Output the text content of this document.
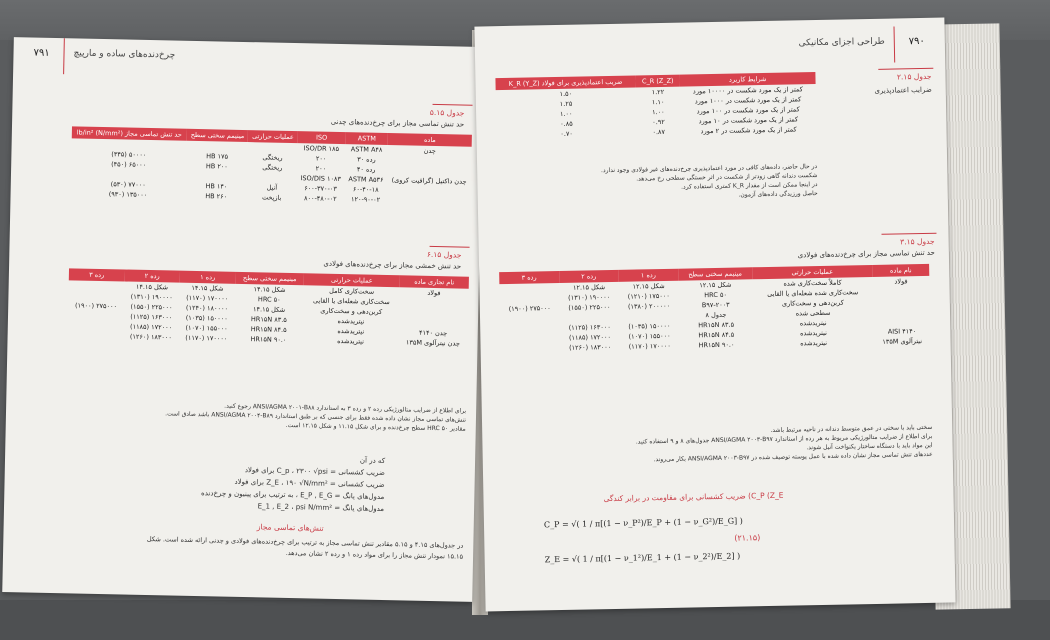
۷۹۱	چرخ‌دنده‌های ساده و مارپیچ
جدول ۵.۱۵
حد تنش تماسی مجاز برای چرخ‌دنده‌های چدنی
ماده	ASTM	ISO	عملیات حرارتی	مینیمم سختی سطح	حد تنش تماسی مجاز (N/mm²) lb/in²
چدن	ASTM A۴۸	ISO/DR ۱۸۵			
	رده ۳۰	۲۰۰	ریختگی	۱۷۵ HB	۵۰۰۰۰ (۳۴۵)
	رده ۴۰	۲۰۰	ریختگی	۲۰۰ HB	۶۵۰۰۰ (۴۵۰)
چدن داکتیل (گرافیت کروی)	ASTM A۵۳۶	ISO/DIS ۱۰۸۳			
	۶۰-۴۰-۱۸	۶۰۰-۳۷۰-۰۳	آنیل	۱۴۰ HB	۷۷۰۰۰ (۵۳۰)
	۱۲۰-۹۰-۰۲	۸۰۰-۴۸۰-۰۲	بازپخت	۲۶۰ HB	۱۳۵۰۰۰ (۹۳۰)
جدول ۶.۱۵
حد تنش خمشی مجاز برای چرخ‌دنده‌های فولادی
نام تجاری ماده	عملیات حرارتی	مینیمم سختی سطح	رده ۱	رده ۲	رده ۳
فولاد	سخت‌کاری کامل	شکل ۱۴.۱۵	شکل ۱۴.۱۵	شکل ۱۴.۱۵	
	سخت‌کاری شعله‌ای یا القایی	۵۰ HRC	۱۷۰۰۰۰ (۱۱۷۰)	۱۹۰۰۰۰ (۱۳۱۰)	
	کربن‌دهی و سخت‌کاری	شکل ۱۴.۱۵	۱۸۰۰۰۰ (۱۲۴۰)	۲۲۵۰۰۰ (۱۵۵۰)	۲۷۵۰۰۰ (۱۹۰۰)
	نیتریدشده	۸۳.۵ HR۱۵N	۱۵۰۰۰۰ (۱۰۳۵)	۱۶۳۰۰۰ (۱۱۲۵)	
چدن ۴۱۴۰	نیتریدشده	۸۴.۵ HR۱۵N	۱۵۵۰۰۰ (۱۰۷۰)	۱۷۲۰۰۰ (۱۱۸۵)	
چدن نیترآلوی ۱۳۵M	نیتریدشده	۹۰.۰ HR۱۵N	۱۷۰۰۰۰ (۱۱۷۰)	۱۸۳۰۰۰ (۱۲۶۰)	
برای اطلاع از ضرایب متالورژیکی رده ۲ و رده ۳ به استاندارد ANSI/AGMA ۲۰۰۱-B۸۸ رجوع کنید.
تنش‌های تماسی مجاز نشان داده شده فقط برای جنسی که بر طبق استاندارد ANSI/AGMA ۲۰۰۴-B۸۹ باشد صادق است.
مقادیر ۵۰ HRC سطح چرخ‌دنده و برای شکل ۱۱.۱۵ و شکل ۱۲.۱۵ است.
که در آن
ضریب کشسانی = C_p ، ۲۳۰۰ √psi برای فولاد
ضریب کشسانی = Z_E ، ۱۹۰ √N/mm² برای فولاد
مدول‌های یانگ = E_P , E_G ، به ترتیب برای پینیون و چرخ‌دنده
مدول‌های یانگ = E_1 , E_2 ، psi N/mm²
تنش‌های تماسی مجاز
در جدول‌های ۴.۱۵ و ۵.۱۵ مقادیر تنش تماسی مجاز به ترتیب برای چرخ‌دنده‌های فولادی و چدنی ارائه شده است. شکل
۱۵.۱۵ نمودار تنش مجاز را برای مواد رده ۱ و رده ۲ نشان می‌دهد.
۷۹۰
طراحی اجزای مکانیکی
جدول ۲.۱۵
ضرایب اعتمادپذیری
شرایط کاربرد	C_R (Z_Z)	ضریب اعتمادپذیری برای فولاد K_R (Y_Z)
کمتر از یک مورد شکست در ۱۰۰۰۰ مورد	۱.۲۲	۱.۵۰
کمتر از یک مورد شکست در ۱۰۰۰ مورد	۱.۱۰	۱.۲۵
کمتر از یک مورد شکست در ۱۰۰ مورد	۱.۰۰	۱.۰۰
کمتر از یک مورد شکست در ۱۰ مورد	۰.۹۲	۰.۸۵
کمتر از یک مورد شکست در ۲ مورد	۰.۸۷	۰.۷۰
در حال حاضر، داده‌های کافی در مورد اعتمادپذیری چرخ‌دنده‌های غیر فولادی وجود ندارد.
شکست دندانه گاهی زودتر از شکست در اثر خستگی سطحی رخ می‌دهد.
در اینجا ممکن است از مقدار K_R کمتری استفاده کرد.
حاصل ورزیدگی داده‌های آزمون.
جدول ۳.۱۵
حد تنش تماسی مجاز برای چرخ‌دنده‌های فولادی
نام ماده	عملیات حرارتی	مینیمم سختی سطح	رده ۱	رده ۲	رده ۳
فولاد	کاملاً سخت‌کاری شده	شکل ۱۲.۱۵	شکل ۱۲.۱۵	شکل ۱۲.۱۵	
	سخت‌کاری شده شعله‌ای یا القایی	۵۰ HRC	۱۷۵۰۰۰ (۱۲۱۰)	۱۹۰۰۰۰ (۱۳۱۰)	
	کربن‌دهی و سخت‌کاری	۲۰۰۳-B۹۷	۲۰۰۰۰۰ (۱۳۸۰)	۲۲۵۰۰۰ (۱۵۵۰)	۲۷۵۰۰۰ (۱۹۰۰)
	سطحی شده	جدول ۸			
	نیتریدشده	۸۳.۵ HR۱۵N	۱۵۰۰۰۰ (۱۰۳۵)	۱۶۳۰۰۰ (۱۱۲۵)	
AISI ۴۱۴۰	نیتریدشده	۸۴.۵ HR۱۵N	۱۵۵۰۰۰ (۱۰۷۰)	۱۷۲۰۰۰ (۱۱۸۵)	
نیترآلوی ۱۳۵M	نیتریدشده	۹۰.۰ HR۱۵N	۱۷۰۰۰۰ (۱۱۷۰)	۱۸۳۰۰۰ (۱۲۶۰)	
سختی باید با سختی در عمق متوسط دندانه در ناحیه مرتبط باشد.
برای اطلاع از ضرایب متالورژیکی مربوط به هر رده از استاندارد ANSI/AGMA ۲۰۰۳-B۹۷ جدول‌های ۸ و ۹ استفاده کنید.
این مواد باید با دستگاه ساختار یکنواخت آنیل شوند.
عددهای تنش تماسی مجاز نشان داده شده با عمل پوسته توصیف شده در ANSI/AGMA ۲۰۰۳-B۹۷ بکار می‌روند.
ضریب کشسانی برای مقاومت در برابر کندگی (C_P (Z_E
C_P = √( 1 / π[(1 − ν_P²)/E_P + (1 − ν_G²)/E_G] )
Z_E = √( 1 / π[(1 − ν_1²)/E_1 + (1 − ν_2²)/E_2] )
(۲۱.۱۵)
